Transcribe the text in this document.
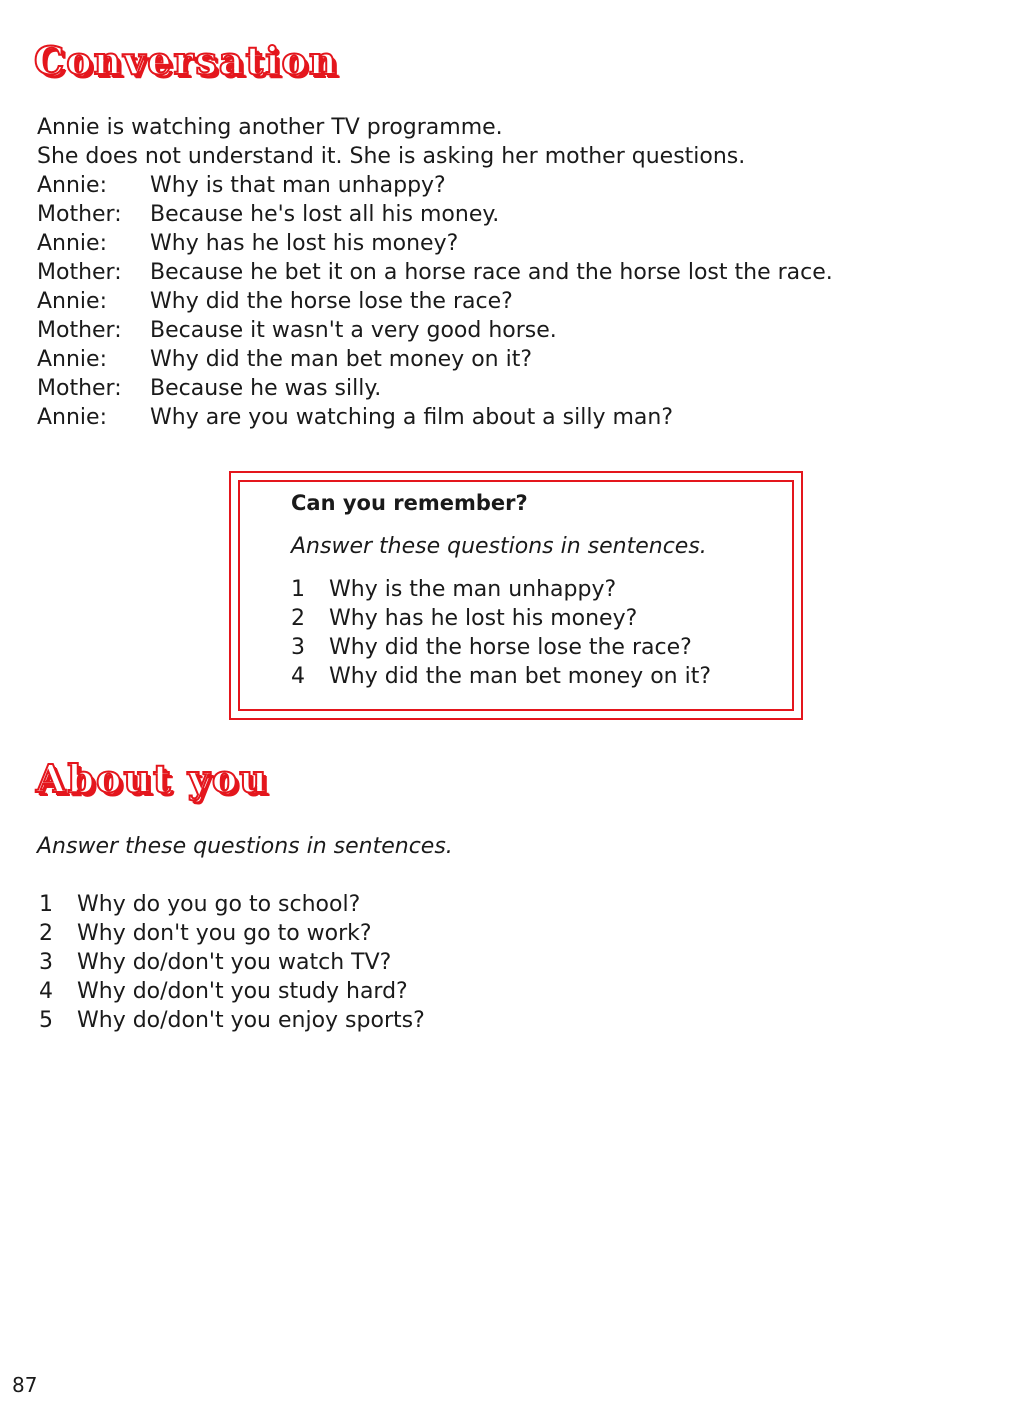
Conversation
Annie is watching another TV programme.
She does not understand it. She is asking her mother questions.
Annie:	Why is that man unhappy?
Mother:	Because he's lost all his money.
Annie:	Why has he lost his money?
Mother:	Because he bet it on a horse race and the horse lost the race.
Annie:	Why did the horse lose the race?
Mother:	Because it wasn't a very good horse.
Annie:	Why did the man bet money on it?
Mother:	Because he was silly.
Annie:	Why are you watching a film about a silly man?
Can you remember?
Answer these questions in sentences.
1	Why is the man unhappy?
2	Why has he lost his money?
3	Why did the horse lose the race?
4	Why did the man bet money on it?
About you
Answer these questions in sentences.
1	Why do you go to school?
2	Why don't you go to work?
3	Why do/don't you watch TV?
4	Why do/don't you study hard?
5	Why do/don't you enjoy sports?
87
